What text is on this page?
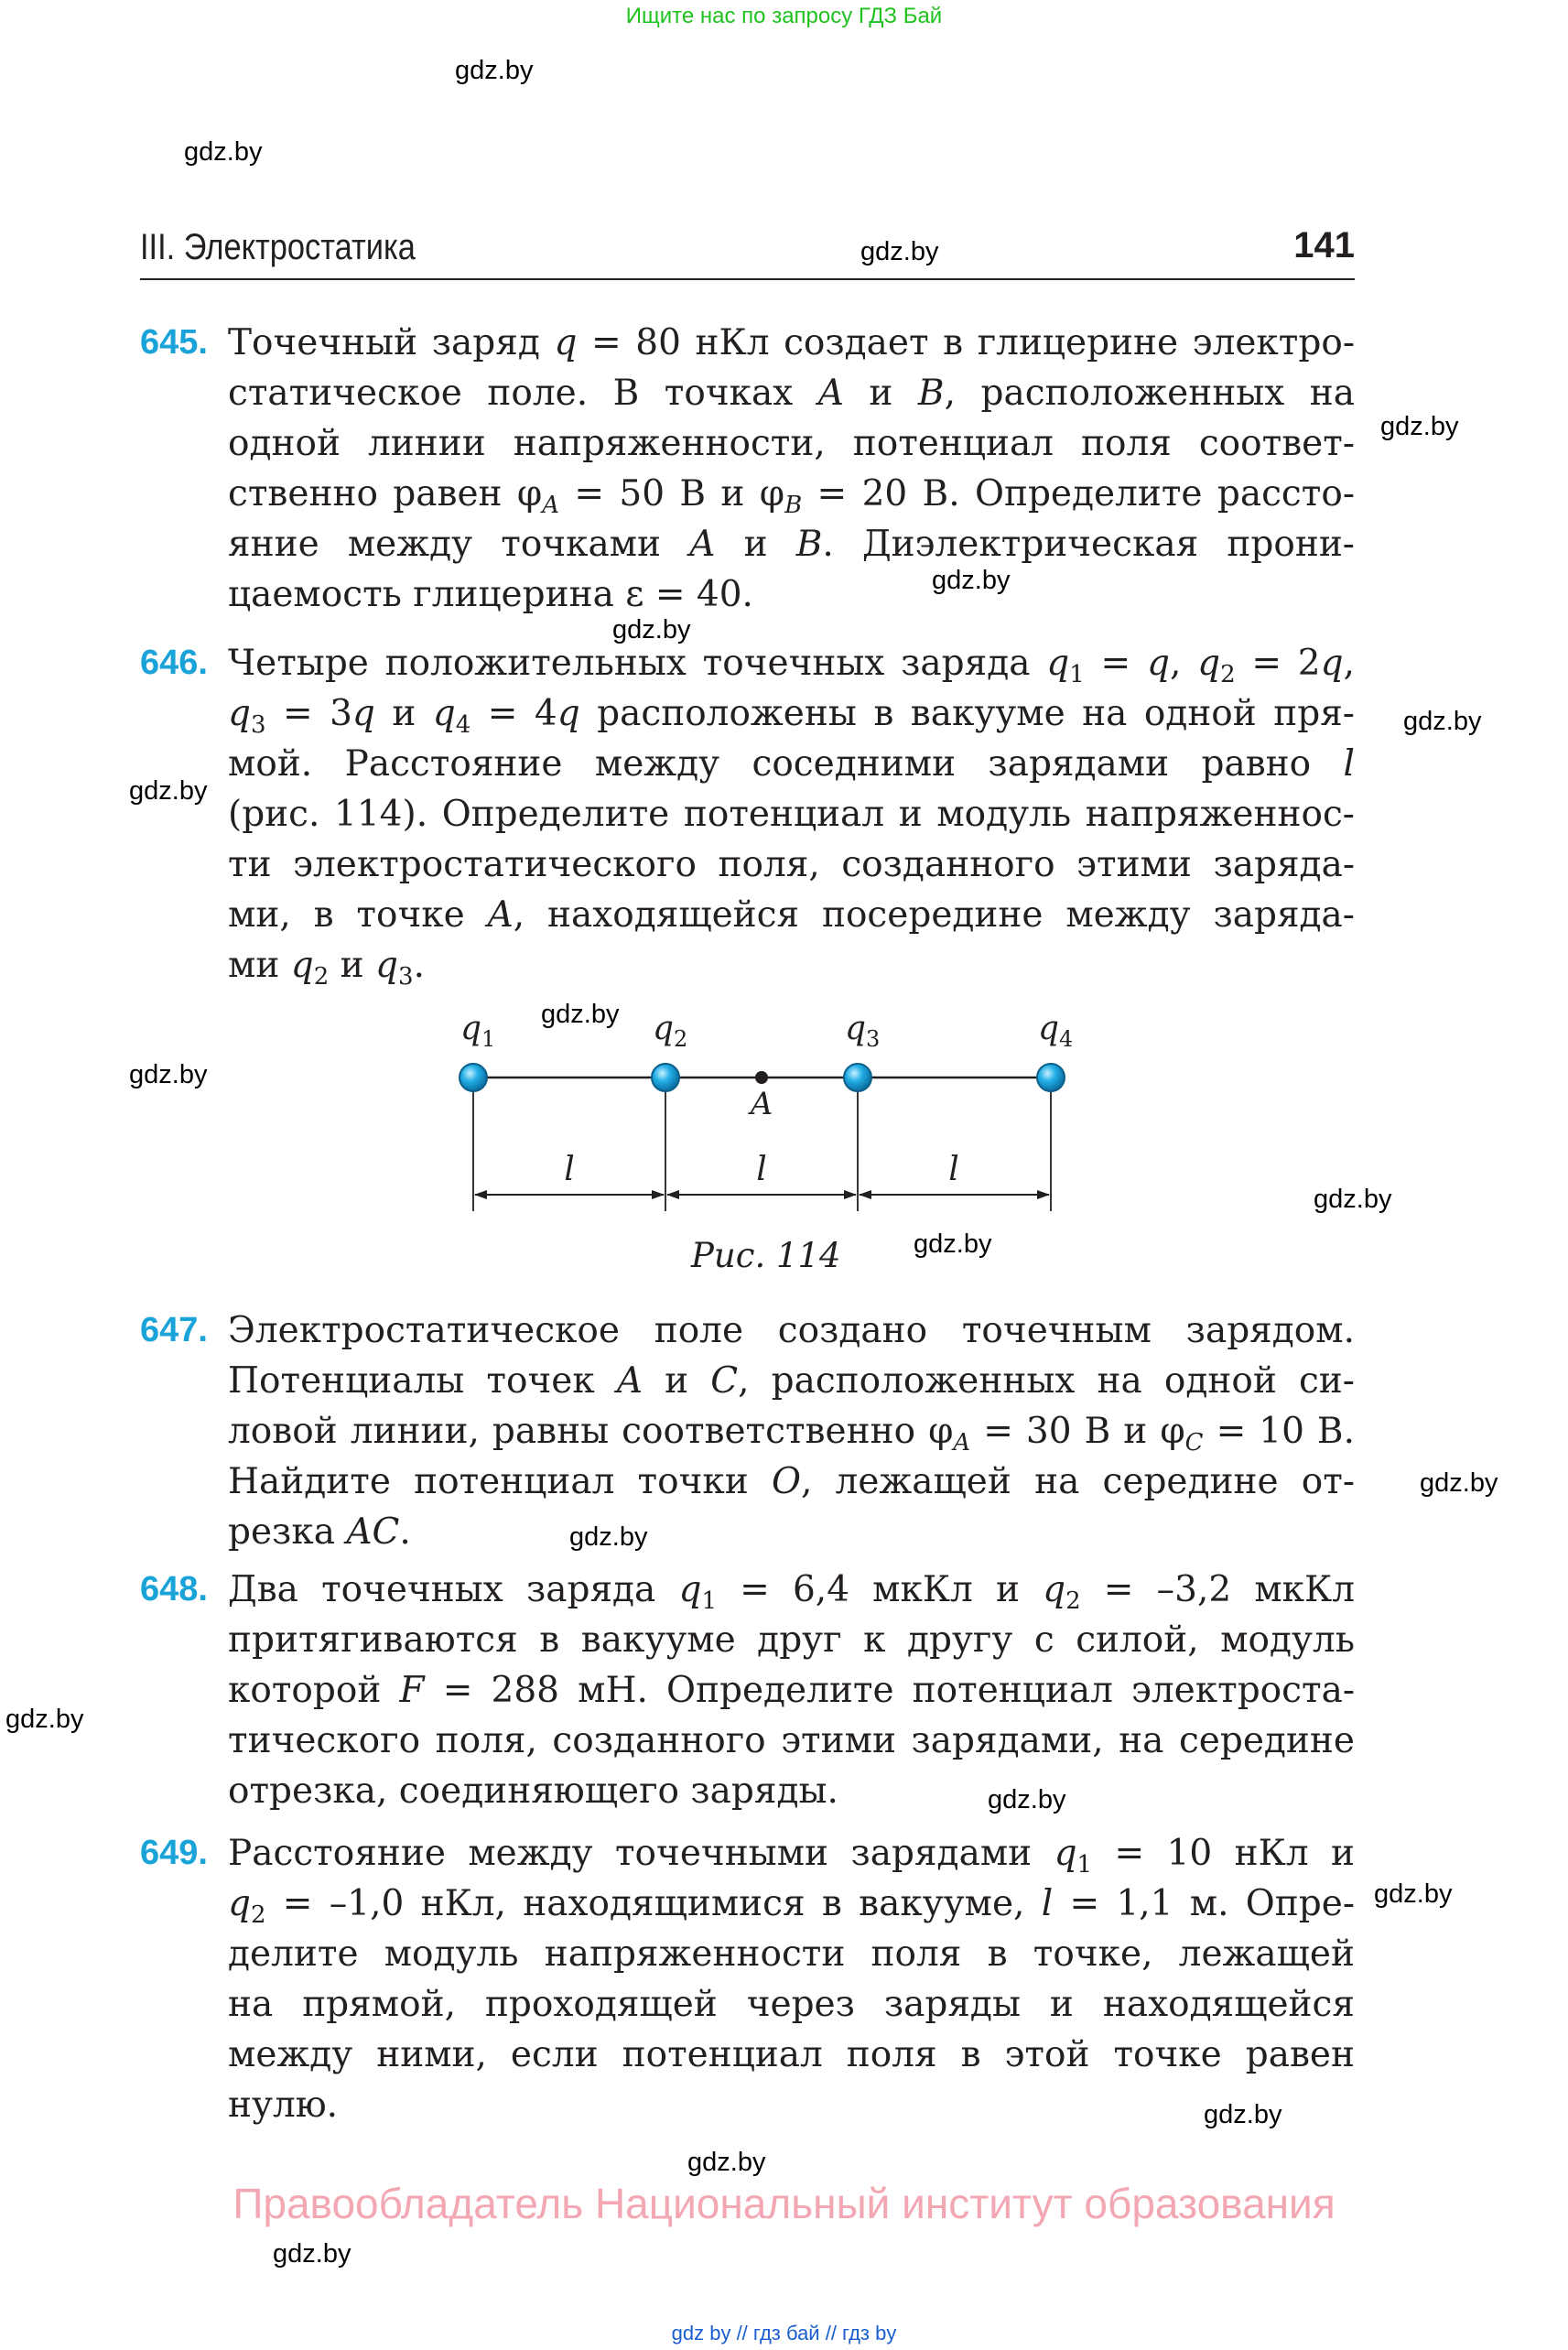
Ищите нас по запросу ГДЗ Бай
gdz.by
gdz.by
gdz.by
gdz.by
gdz.by
gdz.by
gdz.by
gdz.by
gdz.by
gdz.by
gdz.by
gdz.by
gdz.by
gdz.by
gdz.by
gdz.by
gdz.by
gdz.by
gdz.by
gdz.by
III. Электростатика	141
645. Точечный заряд q = 80 нКл создает в глицерине электро-
статическое поле. В точках A и B, расположенных на
одной линии напряженности, потенциал поля соответ-
ственно равен $\varphi_A = 50$ В и $\varphi_B = 20$ В. Определите рассто-
яние между точками A и B. Диэлектрическая прони-
цаемость глицерина ε = 40.
646. Четыре положительных точечных заряда $q_1 = q$, $q_2 = 2q$,
$q_3 = 3q$ и $q_4 = 4q$ расположены в вакууме на одной пря-
мой. Расстояние между соседними зарядами равно l
(рис. 114). Определите потенциал и модуль напряженнос-
ти электростатического поля, созданного этими заряда-
ми, в точке A, находящейся посередине между заряда-
ми $q_2$ и $q_3$.
647. Электростатическое поле создано точечным зарядом.
Потенциалы точек A и C, расположенных на одной си-
ловой линии, равны соответственно $\varphi_A = 30$ В и $\varphi_C = 10$ В.
Найдите потенциал точки O, лежащей на середине от-
резка AC.
648. Два точечных заряда $q_1 = 6,4$ мкКл и $q_2 = -3,2$ мкКл
притягиваются в вакууме друг к другу с силой, модуль
которой F = 288 мН. Определите потенциал электроста-
тического поля, созданного этими зарядами, на середине
отрезка, соединяющего заряды.
649. Расстояние между точечными зарядами $q_1 = 10$ нКл и
$q_2 = -1,0$ нКл, находящимися в вакууме, l = 1,1 м. Опре-
делите модуль напряженности поля в точке, лежащей
на прямой, проходящей через заряды и находящейся
между ними, если потенциал поля в этой точке равен
нулю.
l	l	l
A
$q_1$	$q_2$	$q_3$	$q_4$
Рис. 114
Правообладатель Национальный институт образования
gdz by // гдз бай // гдз by
